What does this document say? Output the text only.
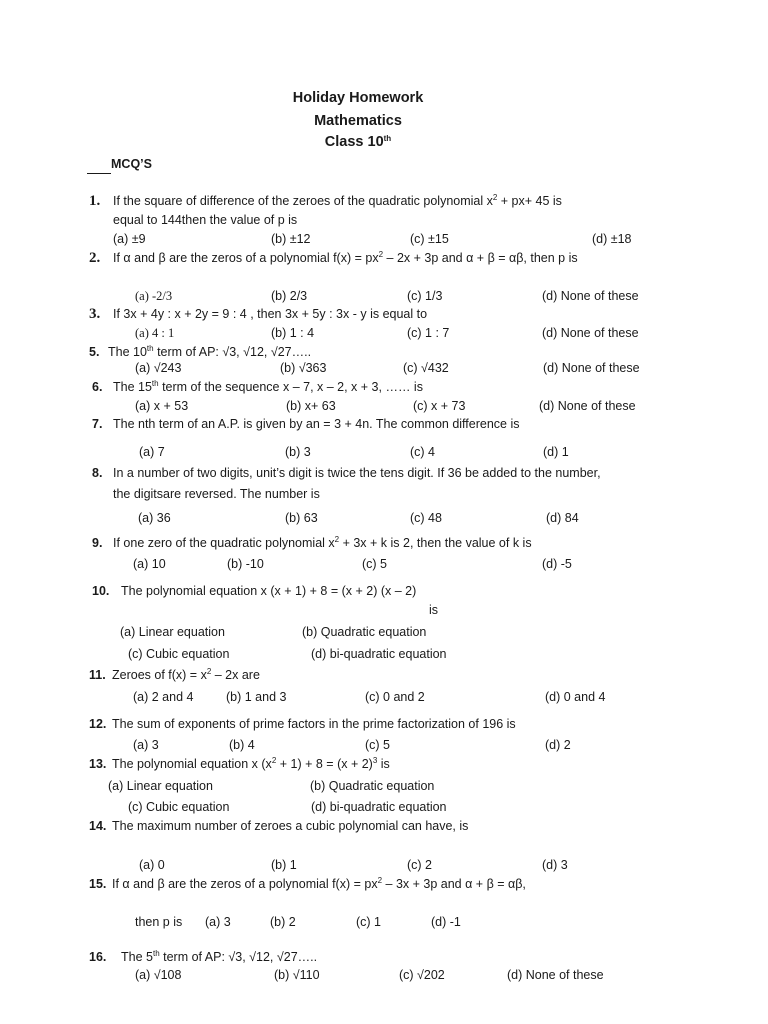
Holiday Homework
Mathematics
Class 10th
MCQ’S
1. If the square of difference of the zeroes of the quadratic polynomial $x^2 + px+ 45$ is
equal to 144then the value of p is
(a) ±9	(b) ±12	(c) ±15	(d) ±18
2. If α and β are the zeros of a polynomial $f(x) = px^2 - 2x + 3p$ and α + β = αβ, then p is
(a) -2/3	(b) 2/3	(c) 1/3	(d) None of these
3. If 3x + 4y : x + 2y = 9 : 4 , then 3x + 5y : 3x - y is equal to
(a) 4 : 1	(b) 1 : 4	(c) 1 : 7	(d) None of these
5. The 10th term of AP: √3, √12, √27…..
(a) √243	(b) √363	(c) √432	(d) None of these
6. The 15th term of the sequence x – 7, x – 2, x + 3, …… is
(a) x + 53	(b) x+ 63	(c) x + 73	(d) None of these
7. The nth term of an A.P. is given by an = 3 + 4n. The common difference is
(a) 7	(b) 3	(c) 4	(d) 1
8. In a number of two digits, unit’s digit is twice the tens digit. If 36 be added to the number,
the digitsare reversed. The number is
(a) 36	(b) 63	(c) 48	(d) 84
9. If one zero of the quadratic polynomial $x^2 + 3x + k$ is 2, then the value of k is
(a) 10	(b) -10	(c) 5	(d) -5
10. The polynomial equation x (x + 1) + 8 = (x + 2) (x – 2)
is
(a) Linear equation	(b) Quadratic equation
(c) Cubic equation	(d) bi-quadratic equation
11. Zeroes of $f(x) = x^2 - 2x$ are
(a) 2 and 4	(b) 1 and 3	(c) 0 and 2	(d) 0 and 4
12. The sum of exponents of prime factors in the prime factorization of 196 is
(a) 3	(b) 4	(c) 5	(d) 2
13. The polynomial equation x $(x^2 + 1) + 8 = (x + 2)^3$ is
(a) Linear equation	(b) Quadratic equation
(c) Cubic equation	(d) bi-quadratic equation
14. The maximum number of zeroes a cubic polynomial can have, is
(a) 0	(b) 1	(c) 2	(d) 3
15. If α and β are the zeros of a polynomial $f(x) = px^2 - 3x + 3p$ and α + β = αβ,
then p is (a) 3	(b) 2	(c) 1	(d) -1
16. The 5th term of AP: √3, √12, √27…..
(a) √108	(b) √110	(c) √202	(d) None of these
